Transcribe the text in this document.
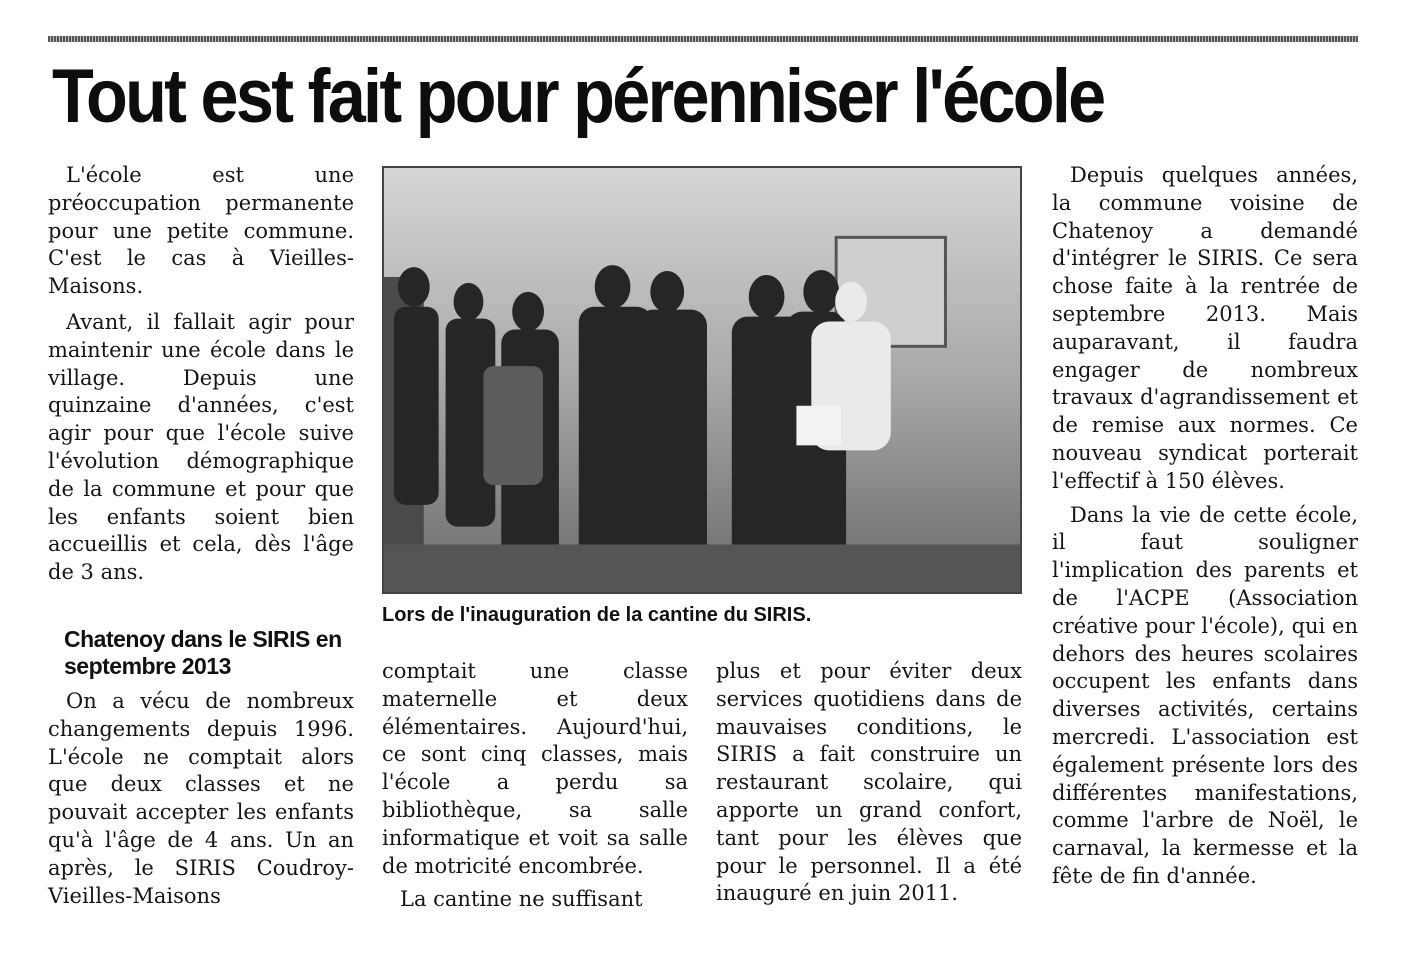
Tout est fait pour pérenniser l'école

L'école est une préoccupation permanente pour une petite commune. C'est le cas à Vieilles-Maisons.

Avant, il fallait agir pour maintenir une école dans le village. Depuis une quinzaine d'années, c'est agir pour que l'école suive l'évolution démographique de la commune et pour que les enfants soient bien accueillis et cela, dès l'âge de 3 ans.

Chatenoy dans le SIRIS en septembre 2013

On a vécu de nombreux changements depuis 1996. L'école ne comptait alors que deux classes et ne pouvait accepter les enfants qu'à l'âge de 4 ans. Un an après, le SIRIS Coudroy-Vieilles-Maisons

Lors de l'inauguration de la cantine du SIRIS.

comptait une classe maternelle et deux élémentaires. Aujourd'hui, ce sont cinq classes, mais l'école a perdu sa bibliothèque, sa salle informatique et voit sa salle de motricité encombrée.

La cantine ne suffisant

plus et pour éviter deux services quotidiens dans de mauvaises conditions, le SIRIS a fait construire un restaurant scolaire, qui apporte un grand confort, tant pour les élèves que pour le personnel. Il a été inauguré en juin 2011.

Depuis quelques années, la commune voisine de Chatenoy a demandé d'intégrer le SIRIS. Ce sera chose faite à la rentrée de septembre 2013. Mais auparavant, il faudra engager de nombreux travaux d'agrandissement et de remise aux normes. Ce nouveau syndicat porterait l'effectif à 150 élèves.

Dans la vie de cette école, il faut souligner l'implication des parents et de l'ACPE (Association créative pour l'école), qui en dehors des heures scolaires occupent les enfants dans diverses activités, certains mercredi. L'association est également présente lors des différentes manifestations, comme l'arbre de Noël, le carnaval, la kermesse et la fête de fin d'année.
